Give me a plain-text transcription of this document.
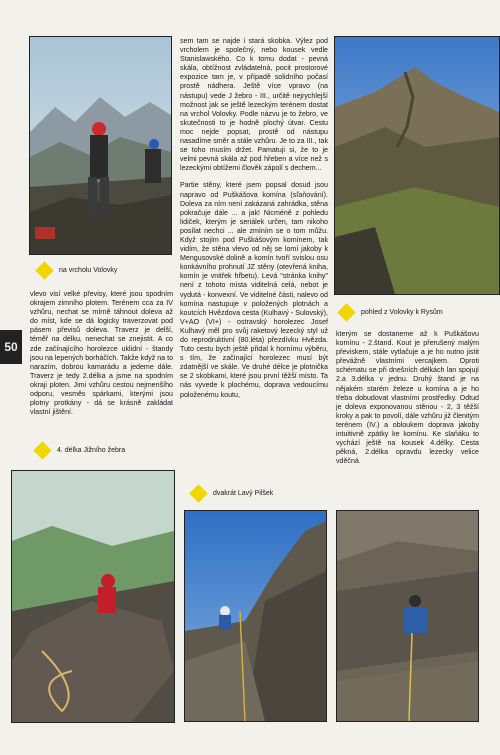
na vrcholu Volovky
vlevo visí velké převisy, které jsou spodním okrajem zimního plotem. Terénem cca za IV vzhůru, nechat se mírně táhnout doleva až do míst, kde se dá logicky traverzovat pod pásem převisů doleva. Traverz je delší, téměř na délku, nenechat se znejistit. A co zde začínajícího horolezce uklidní - štandy jsou na lepených borháčích. Takže když na to narazím, dobrou kamarádu a jedeme dále. Traverz je tedy 2.délka a jsme na spodním okraji ploten. Jimi vzhůru cestou nejmenšího odporu, vesměs spárkami, kterými jsou plotny protkány - dá se krásně zakládat vlastní jištění.
4. délka Jižního žebra

sem tam se najde i stará skobka. Výlez pod vrcholem je společný, nebo kousek vedle Stanislawského. Co k tomu dodat - pevná skála, obtížnost zvládatelná, pocit prostorové expozice tam je, v případě solidního počasí prostě nádhera. Ještě více vpravo (na nástupu) vede J žebro - III., určitě nejrychlejší možnost jak se ještě lezeckým terénem dostat na vrchol Volovky. Podle názvu je to žebro, ve skutečnosti to je hodně plochý útvar. Cestu moc nejde popsat, prostě od nástupu nasadíme směr a stále vzhůru. Je to za III., tak se toho musím držet. Pamatuji si, že to je velmi pevná skála až pod hřeben a více než s lezeckými obtížemi člověk zápolí s dechem...

Partie stěny, které jsem popsal dosud jsou napravo od Puškášova komína (sľaňování). Doleva za ním není zakázaná zahrádka, stěna pokračuje dále ... a jak! Nicméně z pohledu lidiček, kterým je seriálek určen, tam nikoho posílat nechci ... ale zmíním se o tom můžu. Když stojím pod Puškášovým komínem, tak vidím, že stěna vlevo od něj se lomí jakoby k Mengusovské dolině a komín tvoří svislou osu konkávního prohnutí JZ stěny (otevřená kniha, komín je vnitřek hřbetu). Levá "stránka knihy" není z tohoto místa viditelná celá, nebot je vydutá - konvexní. Ve viditelné části, nalevo od komína nastupuje v položených plotnách a koutcích Hvězdova cesta (Kulhavý - Sulovský), V+AO (VI+) - ostravský horolezec Josef Kulhavý měl pro svůj raketový lezecký styl už do reprodruktivní (80.léta) přezdívku Hvězda. Tuto cestu bych ještě přidal k hornímu výběru, s tím, že začínající horolezec musí být zdatnější ve skále. Ve druhé délce je plotnička se 2 skobkami, které jsou první těžší místo. Ta nás vyvede k plochému, doprava vedoucímu položenému koutu,

pohled z Volovky k Rysům
kterým se dostaneme až k Puškášovu komínu - 2.štand. Kout je přerušený malým převiskem, stále vytlačuje a je ho nutno jistit převážně vlastními vercajkem. Oproti schématu se při dnešních délkách lan spojují 2.a 3.délka v jednu. Druhý štand je na nějakém starém železe u komína a je ho třeba dobudovat vlastními prostředky. Odtud je doleva exponovanou stěnou - 2, 3 těžší kroky a pak to povolí, dále vzhůru již členitým terénem (IV.) a obloukem doprava jakoby intuitivně zpátky ke komínu. Ke slaňáku to vychází ještě na kousek 4.délky. Cesta pěkná, 2.délka opravdu lezecky velice vděčná.
dvakrát Lavý Pilšek
50
